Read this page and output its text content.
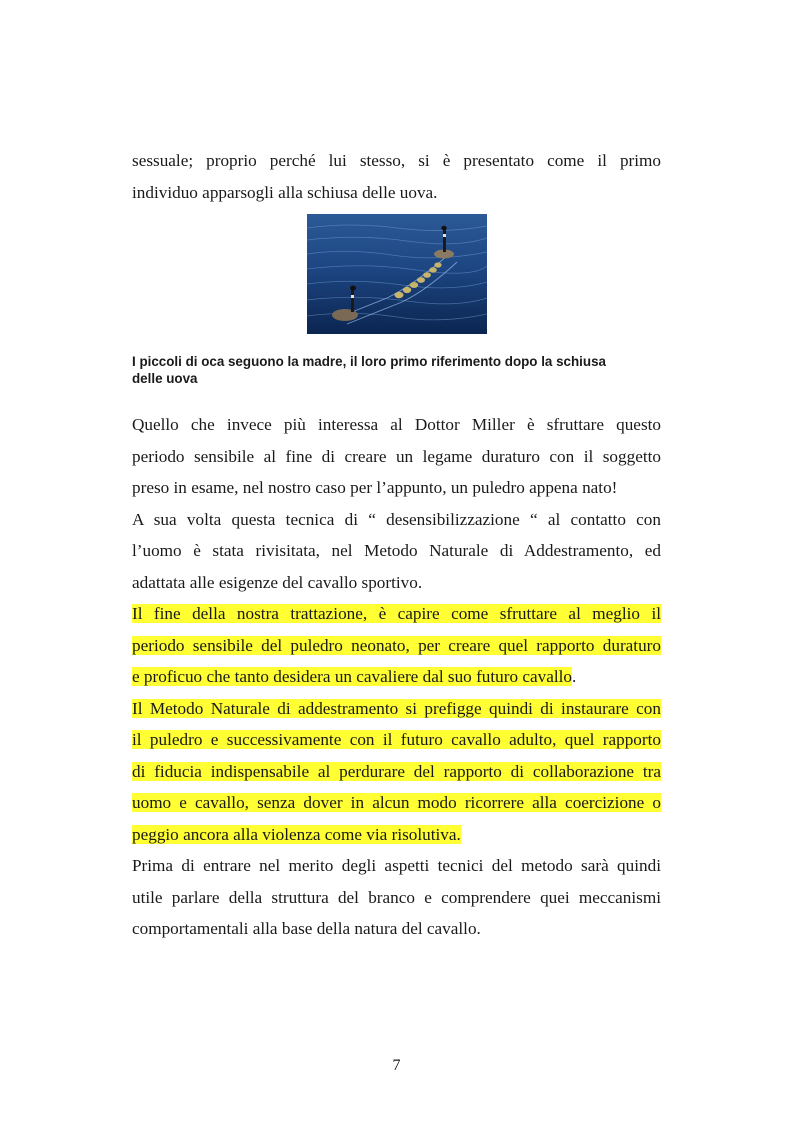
sessuale; proprio perché lui stesso, si è presentato come il primo
individuo apparsogli alla schiusa delle uova.
I piccoli di oca seguono la madre, il loro primo riferimento dopo la schiusa
delle uova
Quello che invece più interessa al Dottor Miller è sfruttare questo
periodo sensibile al fine di creare un legame duraturo con il soggetto
preso in esame, nel nostro caso per l’appunto, un puledro appena nato!
A sua volta questa tecnica di “ desensibilizzazione “ al contatto con
l’uomo è stata rivisitata, nel Metodo Naturale di Addestramento, ed
adattata alle esigenze del cavallo sportivo.
Il fine della nostra trattazione, è capire come sfruttare al meglio il
periodo sensibile del puledro neonato, per creare quel rapporto duraturo
e proficuo che tanto desidera un cavaliere dal suo futuro cavallo.
Il Metodo Naturale di addestramento si prefigge quindi di instaurare con
il puledro e successivamente con il futuro cavallo adulto, quel rapporto
di fiducia indispensabile al perdurare del rapporto di collaborazione tra
uomo e cavallo, senza dover in alcun modo ricorrere alla coercizione o
peggio ancora alla violenza come via risolutiva.
Prima di entrare nel merito degli aspetti tecnici del metodo sarà quindi
utile parlare della struttura del branco e comprendere quei meccanismi
comportamentali alla base della natura del cavallo.
7
